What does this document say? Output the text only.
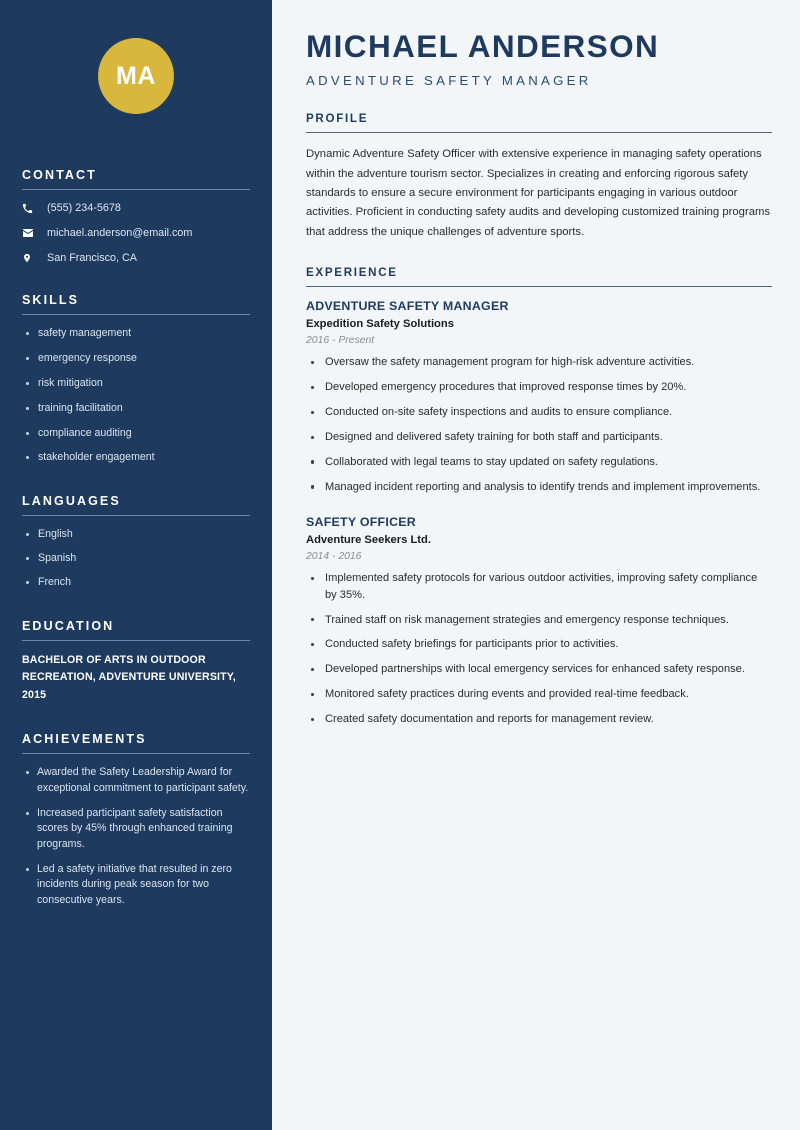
MA
CONTACT
(555) 234-5678
michael.anderson@email.com
San Francisco, CA
SKILLS
safety management
emergency response
risk mitigation
training facilitation
compliance auditing
stakeholder engagement
LANGUAGES
English
Spanish
French
EDUCATION
BACHELOR OF ARTS IN OUTDOOR RECREATION, ADVENTURE UNIVERSITY, 2015
ACHIEVEMENTS
Awarded the Safety Leadership Award for exceptional commitment to participant safety.
Increased participant safety satisfaction scores by 45% through enhanced training programs.
Led a safety initiative that resulted in zero incidents during peak season for two consecutive years.
MICHAEL ANDERSON
ADVENTURE SAFETY MANAGER
PROFILE

Dynamic Adventure Safety Officer with extensive experience in managing safety operations within the adventure tourism sector. Specializes in creating and enforcing rigorous safety standards to ensure a secure environment for participants engaging in various outdoor activities. Proficient in conducting safety audits and developing customized training programs that address the unique challenges of adventure sports.

EXPERIENCE
ADVENTURE SAFETY MANAGER
Expedition Safety Solutions
2016 - Present
Oversaw the safety management program for high-risk adventure activities.
Developed emergency procedures that improved response times by 20%.
Conducted on-site safety inspections and audits to ensure compliance.
Designed and delivered safety training for both staff and participants.
Collaborated with legal teams to stay updated on safety regulations.
Managed incident reporting and analysis to identify trends and implement improvements.
SAFETY OFFICER
Adventure Seekers Ltd.
2014 - 2016
Implemented safety protocols for various outdoor activities, improving safety compliance by 35%.
Trained staff on risk management strategies and emergency response techniques.
Conducted safety briefings for participants prior to activities.
Developed partnerships with local emergency services for enhanced safety response.
Monitored safety practices during events and provided real-time feedback.
Created safety documentation and reports for management review.
